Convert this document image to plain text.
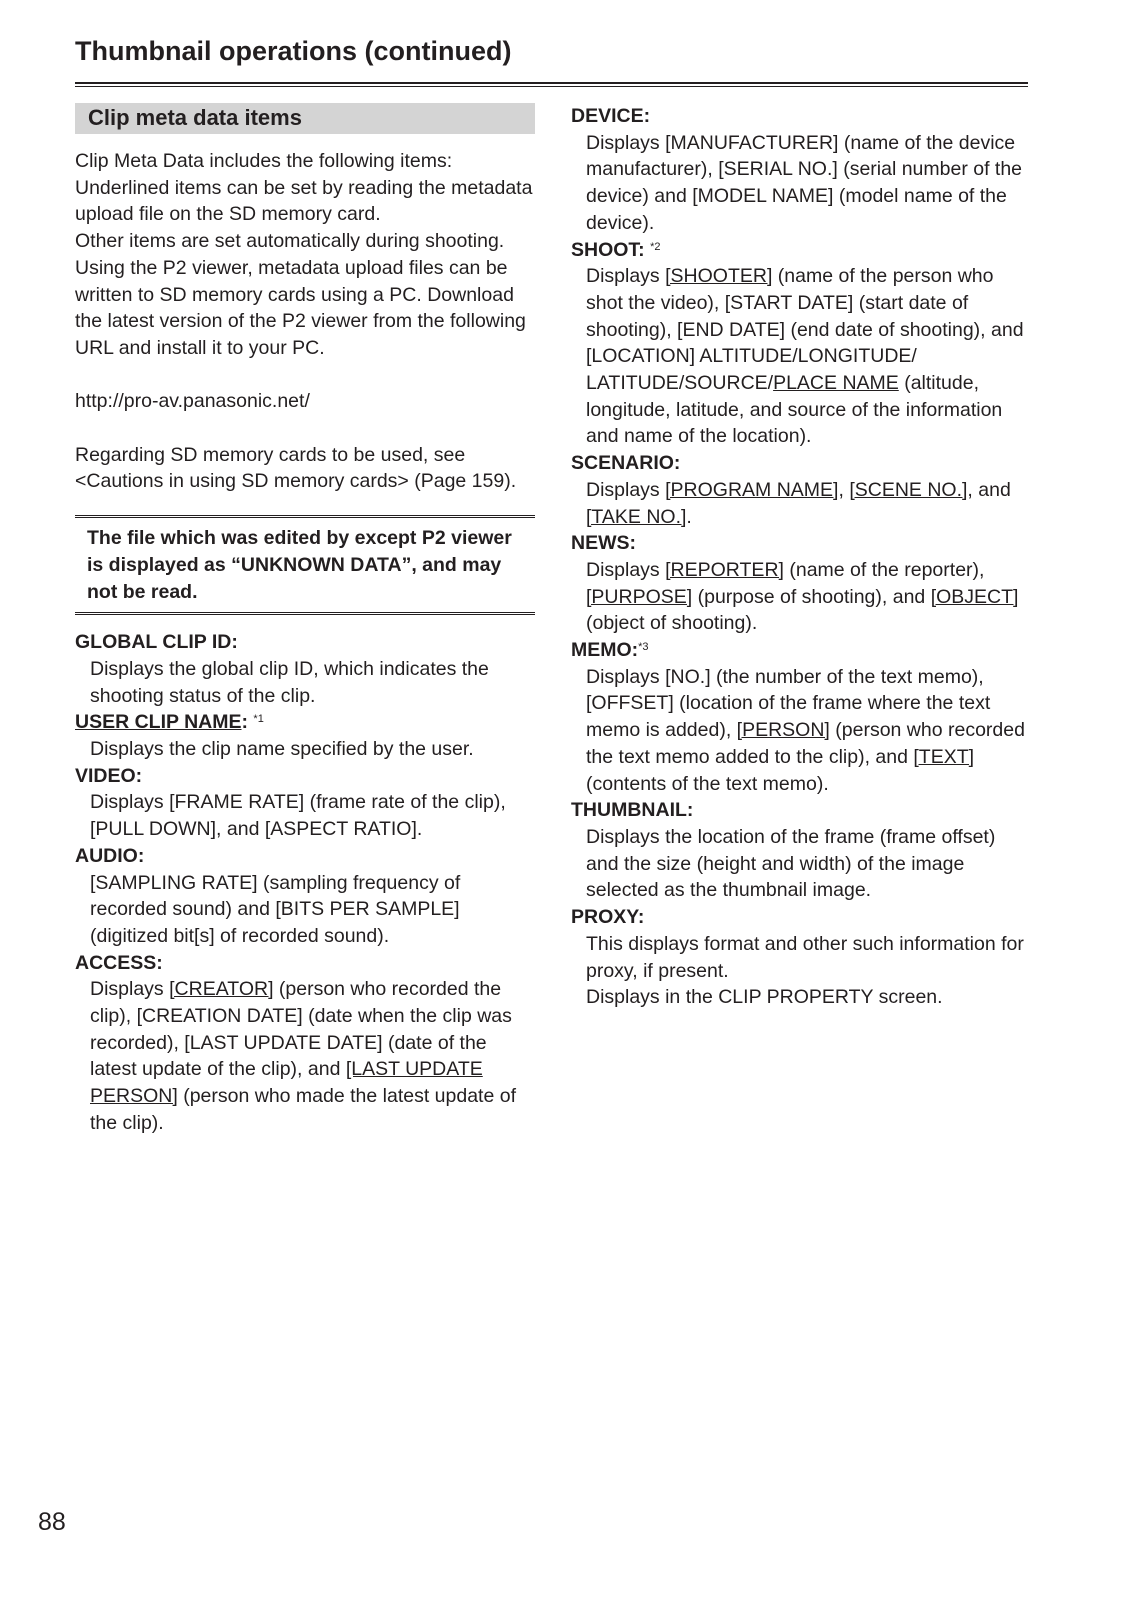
Thumbnail operations (continued)
Clip meta data items

Clip Meta Data includes the following items:

Underlined items can be set by reading the metadata upload file on the SD memory card.

Other items are set automatically during shooting.

Using the P2 viewer, metadata upload files can be written to SD memory cards using a PC. Download the latest version of the P2 viewer from the following URL and install it to your PC.

http://pro-av.panasonic.net/

Regarding SD memory cards to be used, see <Cautions in using SD memory cards> (Page 159).

The file which was edited by except P2 viewer is displayed as “UNKNOWN DATA”, and may not be read.

GLOBAL CLIP ID:
Displays the global clip ID, which indicates the shooting status of the clip.
USER CLIP NAME: $^{*1}$
Displays the clip name specified by the user.
VIDEO:
Displays [FRAME RATE] (frame rate of the clip), [PULL DOWN], and [ASPECT RATIO].
AUDIO:
[SAMPLING RATE] (sampling frequency of recorded sound) and [BITS PER SAMPLE] (digitized bit[s] of recorded sound).
ACCESS:
Displays [CREATOR] (person who recorded the clip), [CREATION DATE] (date when the clip was recorded), [LAST UPDATE DATE] (date of the latest update of the clip), and [LAST UPDATE PERSON] (person who made the latest update of the clip).
DEVICE:
Displays [MANUFACTURER] (name of the device manufacturer), [SERIAL NO.] (serial number of the device) and [MODEL NAME] (model name of the device).
SHOOT: $^{*2}$
Displays [SHOOTER] (name of the person who shot the video), [START DATE] (start date of shooting), [END DATE] (end date of shooting), and [LOCATION] ALTITUDE/LONGITUDE/ LATITUDE/SOURCE/PLACE NAME (altitude, longitude, latitude, and source of the information and name of the location).
SCENARIO:
Displays [PROGRAM NAME], [SCENE NO.], and [TAKE NO.].
NEWS:
Displays [REPORTER] (name of the reporter), [PURPOSE] (purpose of shooting), and [OBJECT] (object of shooting).
MEMO:$^{*3}$
Displays [NO.] (the number of the text memo), [OFFSET] (location of the frame where the text memo is added), [PERSON] (person who recorded the text memo added to the clip), and [TEXT] (contents of the text memo).
THUMBNAIL:
Displays the location of the frame (frame offset) and the size (height and width) of the image selected as the thumbnail image.
PROXY:
This displays format and other such information for proxy, if present.
Displays in the CLIP PROPERTY screen.
88
